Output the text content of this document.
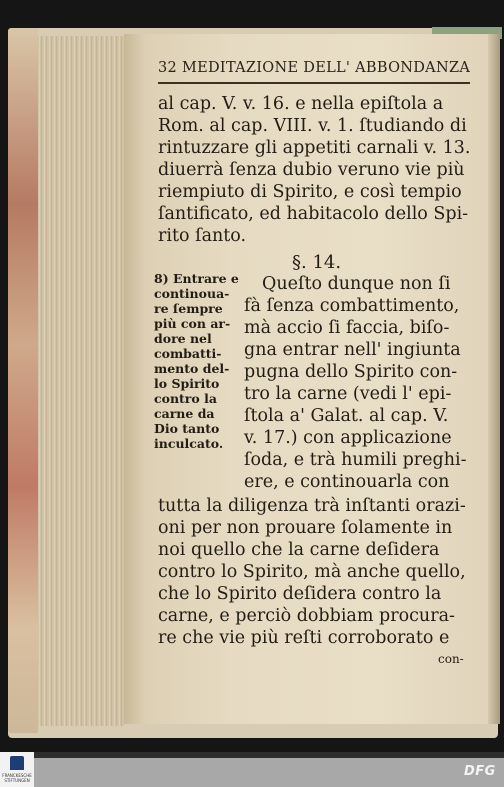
32 MEDITAZIONE DELL' ABBONDANZA
al cap. V. v. 16. e nella epiſtola a
Rom. al cap. VIII. v. 1. ſtudiando di
rintuzzare gli appetiti carnali v. 13.
diuerrà ſenza dubio veruno vie più
riempiuto di Spirito, e così tempio
ſantificato, ed habitacolo dello Spi-
rito ſanto.
§. 14.
8) Entrare e
continoua-
re ſempre
più con ar-
dore nel
combatti-
mento del-
lo Spirito
contro la
carne da
Dio tanto
inculcato.
Queſto dunque non ſi
fà ſenza combattimento,
mà accio ſi faccia, biſo-
gna entrar nell' ingiunta
pugna dello Spirito con-
tro la carne (vedi l' epi-
ſtola a' Galat. al cap. V.
v. 17.) con applicazione
ſoda, e trà humili preghi-
ere, e continouarla con
tutta la diligenza trà inſtanti orazi-
oni per non prouare ſolamente in
noi quello che la carne deſidera
contro lo Spirito, mà anche quello,
che lo Spirito deſidera contro la
carne, e perciò dobbiam procura-
re che vie più reſti corroborato e
con-
FRANCKESCHE STIFTUNGEN
DFG
